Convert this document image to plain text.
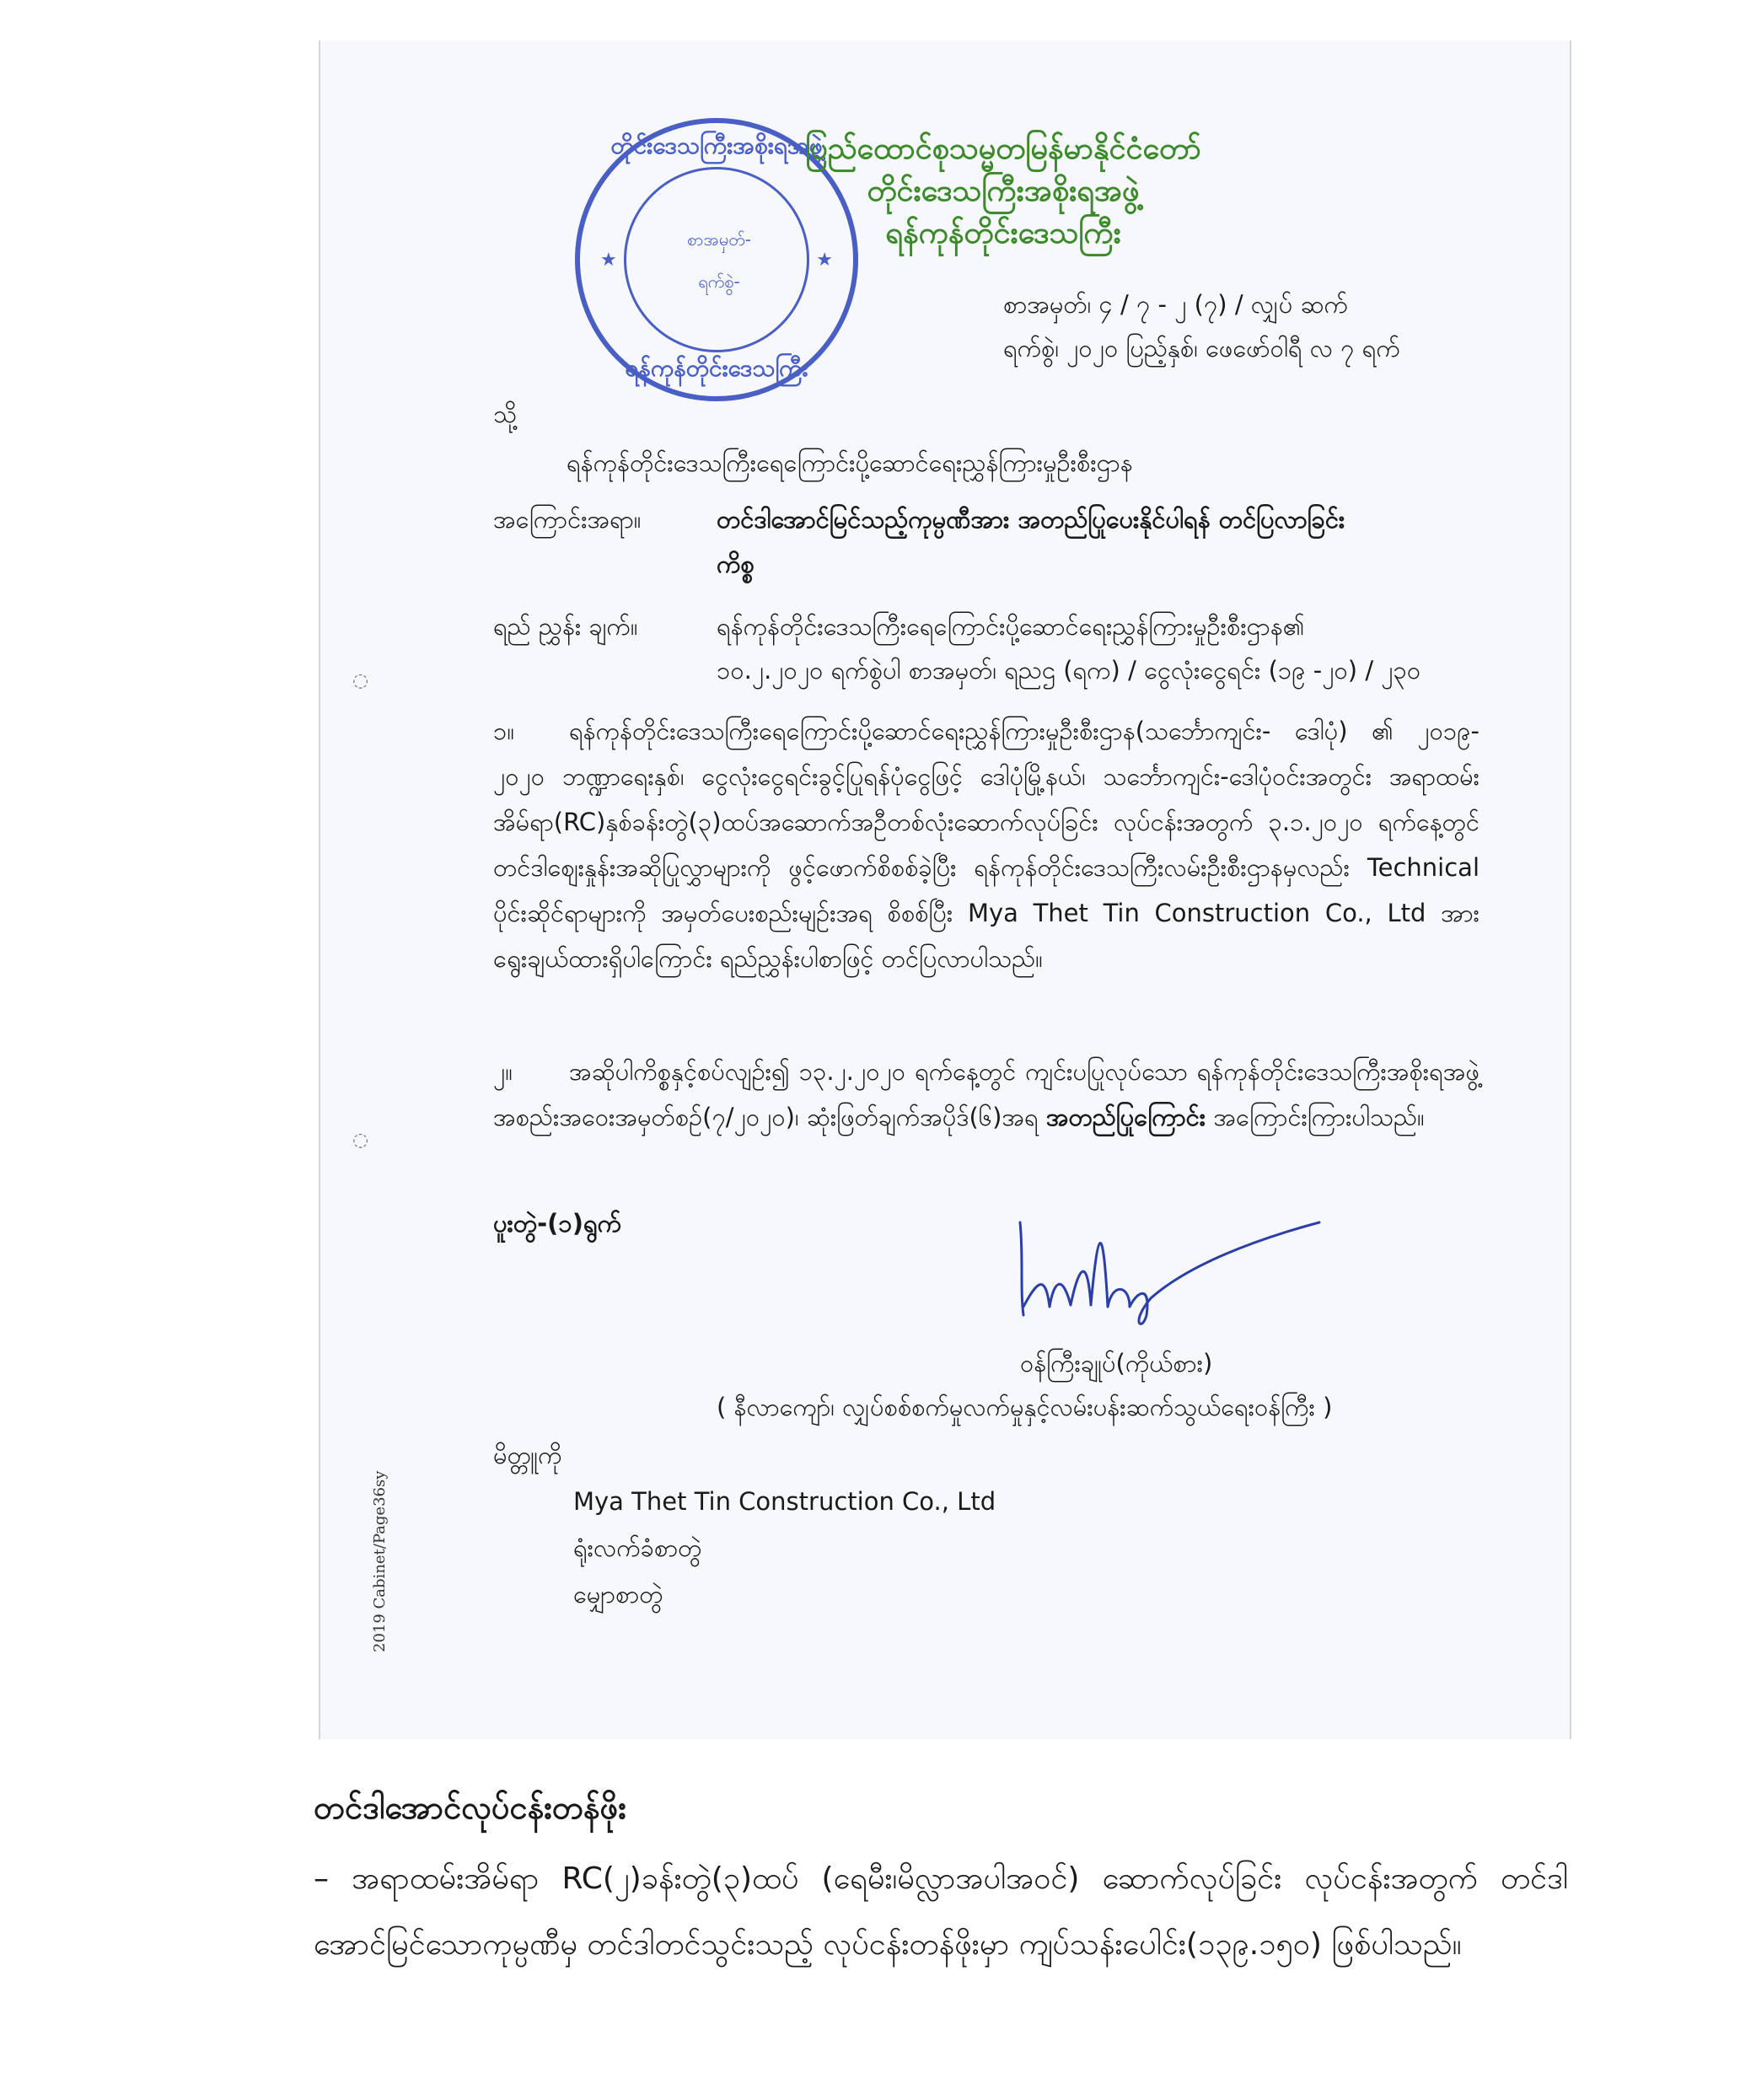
တိုင်းဒေသကြီးအစိုးရအဖွဲ့
စာအမှတ်-
ရက်စွဲ-
★	★
ရန်ကုန်တိုင်းဒေသကြီး
ပြည်ထောင်စုသမ္မတမြန်မာနိုင်ငံတော်
တိုင်းဒေသကြီးအစိုးရအဖွဲ့
ရန်ကုန်တိုင်းဒေသကြီး
စာအမှတ်၊ ၄ / ၇ - ၂ (၇) / လျှပ် ဆက်
ရက်စွဲ၊ ၂၀၂၀ ပြည့်နှစ်၊ ဖေဖော်ဝါရီ လ ၇ ရက်
သို့
ရန်ကုန်တိုင်းဒေသကြီးရေကြောင်းပို့ဆောင်ရေးညွှန်ကြားမှုဦးစီးဌာန
အကြောင်းအရာ။	တင်ဒါအောင်မြင်သည့်ကုမ္ပဏီအား အတည်ပြုပေးနိုင်ပါရန် တင်ပြလာခြင်း
ကိစ္စ
ရည် ညွှန်း ချက်။	ရန်ကုန်တိုင်းဒေသကြီးရေကြောင်းပို့ဆောင်ရေးညွှန်ကြားမှုဦးစီးဌာန၏
၁၀.၂.၂၀၂၀ ရက်စွဲပါ စာအမှတ်၊ ရညဌ (ရက) / ငွေလုံးငွေရင်း (၁၉ -၂၀) / ၂၃၀
၁။	ရန်ကုန်တိုင်းဒေသကြီးရေကြောင်းပို့ဆောင်ရေးညွှန်ကြားမှုဦးစီးဌာန(သင်္ဘောကျင်း- ဒေါပုံ) ၏ ၂၀၁၉- ၂၀၂၀ ဘဏ္ဍာရေးနှစ်၊ ငွေလုံးငွေရင်းခွင့်ပြုရန်ပုံငွေဖြင့် ဒေါပုံမြို့နယ်၊ သင်္ဘောကျင်း-ဒေါပုံဝင်းအတွင်း အရာထမ်းအိမ်ရာ(RC)နှစ်ခန်းတွဲ(၃)ထပ်အဆောက်အဦတစ်လုံးဆောက်လုပ်ခြင်း လုပ်ငန်းအတွက် ၃.၁.၂၀၂၀ ရက်နေ့တွင် တင်ဒါဈေးနှုန်းအဆိုပြုလွှာများကို ဖွင့်ဖောက်စိစစ်ခဲ့ပြီး ရန်ကုန်တိုင်းဒေသကြီးလမ်းဦးစီးဌာနမှလည်း Technical ပိုင်းဆိုင်ရာများကို အမှတ်ပေးစည်းမျဉ်းအရ စိစစ်ပြီး Mya Thet Tin Construction Co., Ltd အား ရွေးချယ်ထားရှိပါကြောင်း ရည်ညွှန်းပါစာဖြင့် တင်ပြလာပါသည်။
၂။	အဆိုပါကိစ္စနှင့်စပ်လျဉ်း၍ ၁၃.၂.၂၀၂၀ ရက်နေ့တွင် ကျင်းပပြုလုပ်သော ရန်ကုန်တိုင်းဒေသကြီးအစိုးရအဖွဲ့ အစည်းအဝေးအမှတ်စဉ်(၇/၂၀၂၀)၊ ဆုံးဖြတ်ချက်အပိုဒ်(၆)အရ အတည်ပြုကြောင်း အကြောင်းကြားပါသည်။
ပူးတွဲ-(၁)ရွက်
ဝန်ကြီးချုပ်(ကိုယ်စား)
( နီလာကျော်၊ လျှပ်စစ်စက်မှုလက်မှုနှင့်လမ်းပန်းဆက်သွယ်ရေးဝန်ကြီး )
မိတ္တူကို
Mya Thet Tin Construction Co., Ltd
ရုံးလက်ခံစာတွဲ
မျှောစာတွဲ
2019 Cabinet/Page36sy
◌
◌
တင်ဒါအောင်လုပ်ငန်းတန်ဖိုး
– အရာထမ်းအိမ်ရာ RC(၂)ခန်းတွဲ(၃)ထပ် (ရေမီး၊မိလ္လာအပါအဝင်) ဆောက်လုပ်ခြင်း လုပ်ငန်းအတွက် တင်ဒါအောင်မြင်သောကုမ္ပဏီမှ တင်ဒါတင်သွင်းသည့် လုပ်ငန်းတန်ဖိုးမှာ ကျပ်သန်းပေါင်း(၁၃၉.၁၅၀) ဖြစ်ပါသည်။
